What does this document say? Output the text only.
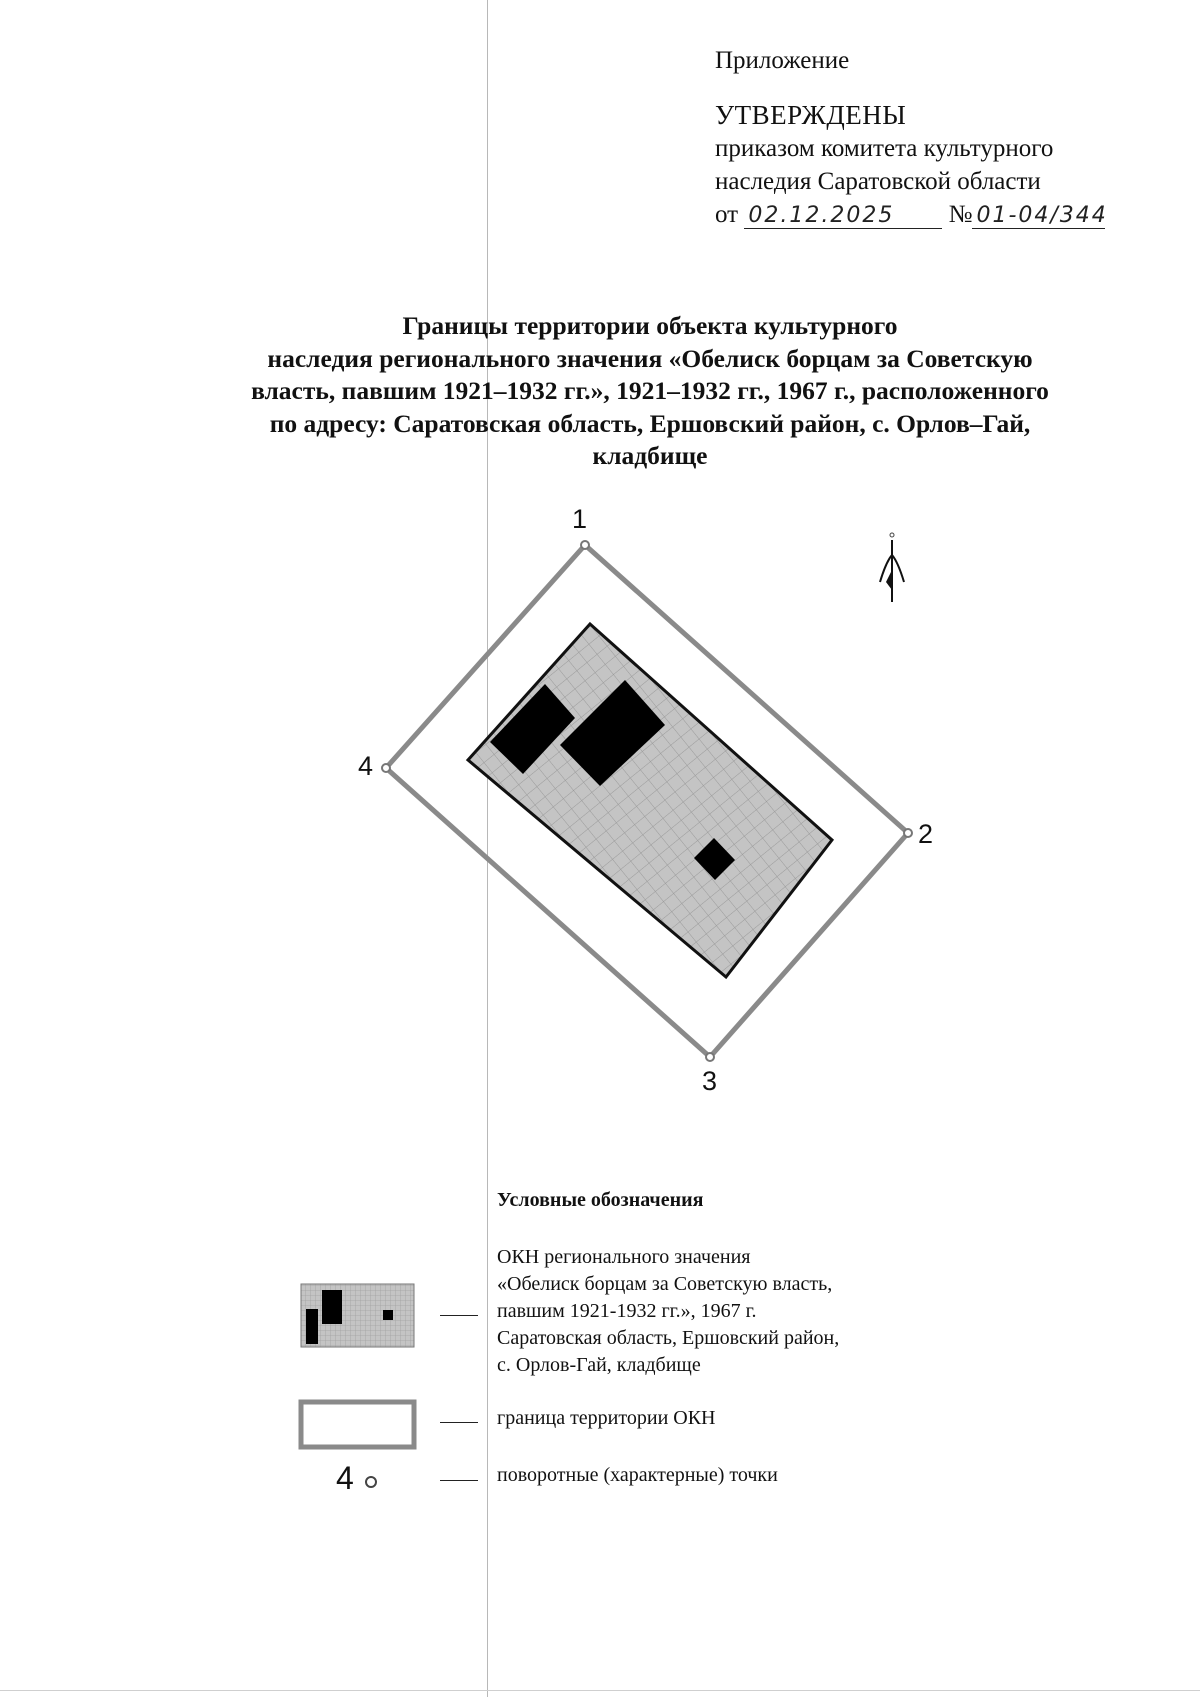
Приложение
УТВЕРЖДЕНЫ
приказом комитета культурного
наследия Саратовской области
от 02.12.2025 № 01-04/344
Границы территории объекта культурного
наследия регионального значения «Обелиск борцам за Советскую
власть, павшим 1921–1932 гг.», 1921–1932 гг., 1967 г., расположенного
по адресу: Саратовская область, Ершовский район, с. Орлов–Гай,
кладбище
1
2
3
4
Условные обозначения
ОКН регионального значения
«Обелиск борцам за Советскую власть,
павшим 1921-1932 гг.», 1967 г.
Саратовская область, Ершовский район,
с. Орлов-Гай, кладбище
граница территории ОКН
4	поворотные (характерные) точки
